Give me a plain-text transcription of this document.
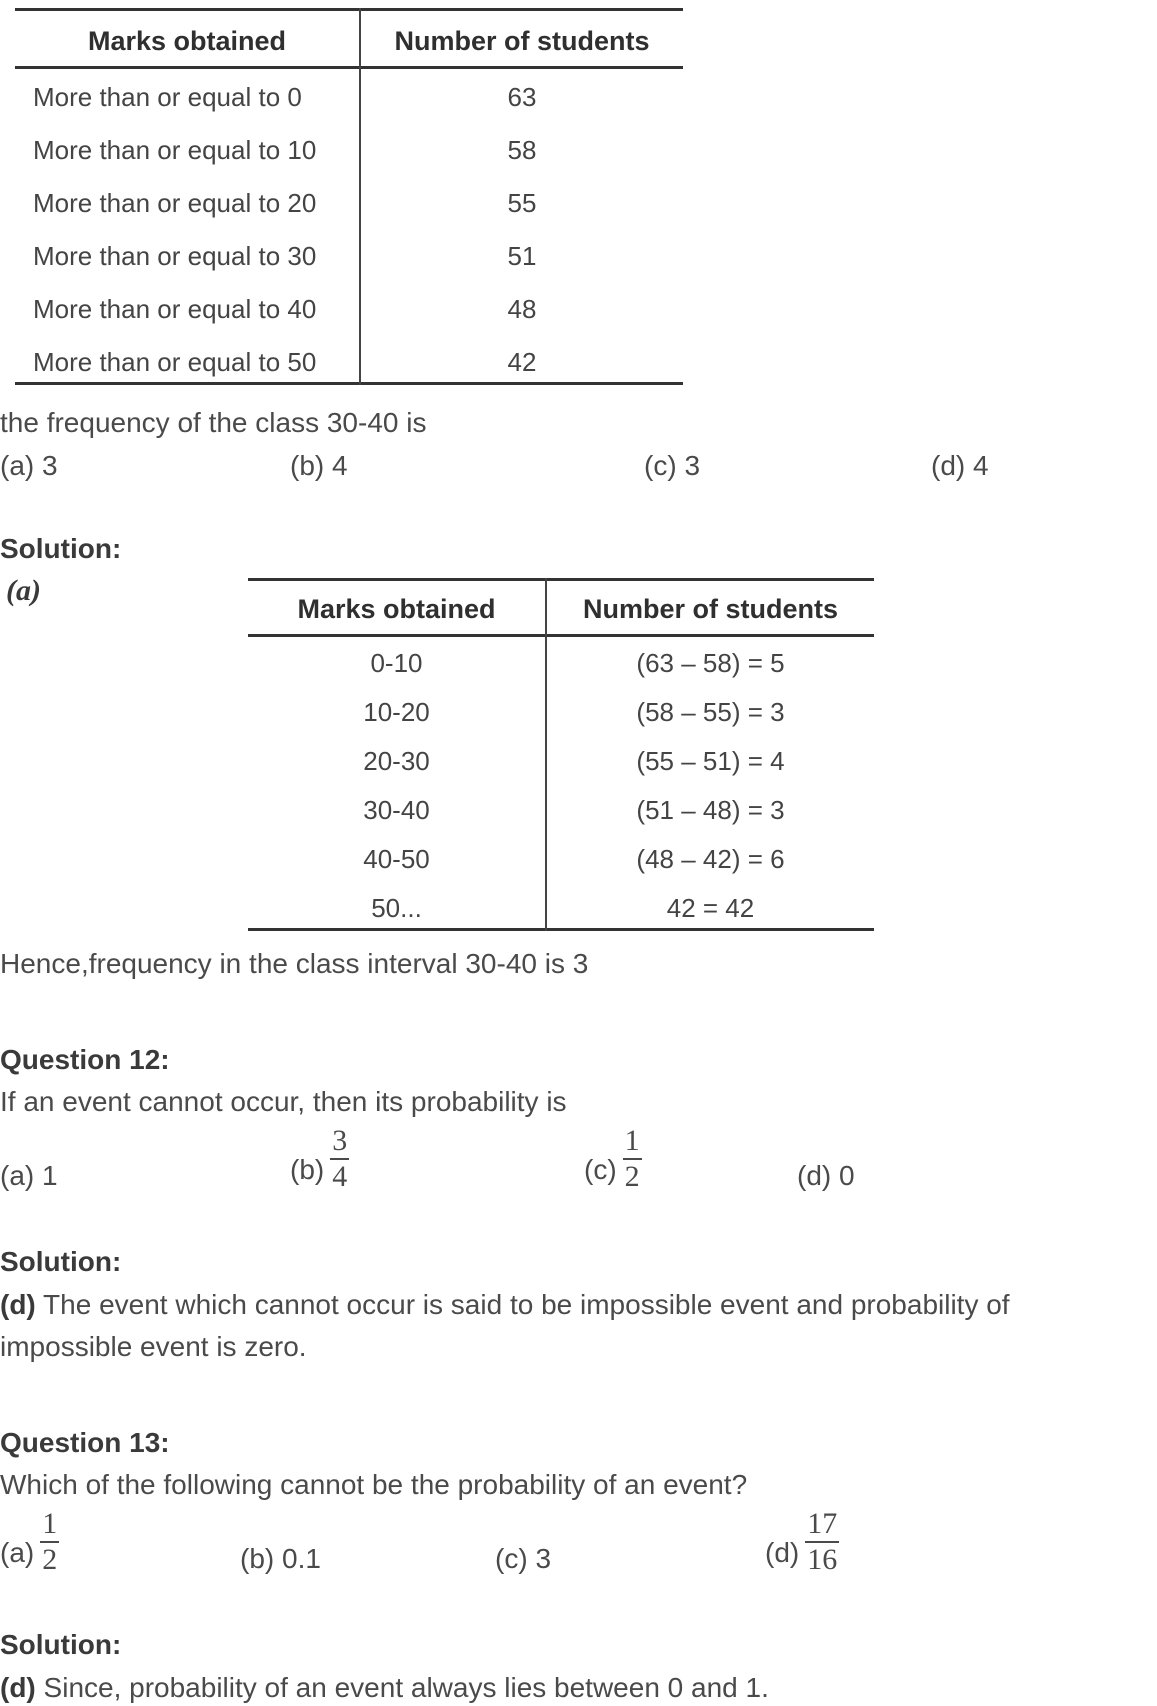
Marks obtained	Number of students
More than or equal to 0	63
More than or equal to 10	58
More than or equal to 20	55
More than or equal to 30	51
More than or equal to 40	48
More than or equal to 50	42
the frequency of the class 30-40 is
(a) 3	(b) 4	(c) 3	(d) 4
Solution:
(a)
Marks obtained	Number of students
0-10	(63 – 58) = 5
10-20	(58 – 55) = 3
20-30	(55 – 51) = 4
30-40	(51 – 48) = 3
40-50	(48 – 42) = 6
50...	42 = 42
Hence,frequency in the class interval 30-40 is 3
Question 12:
If an event cannot occur, then its probability is
(a) 1	$(b) \frac{3}{4}$	$(c) \frac{1}{2}$	(d) 0
Solution:
(d) The event which cannot occur is said to be impossible event and probability of
impossible event is zero.
Question 13:
Which of the following cannot be the probability of an event?
$(a) \frac{1}{2}$	(b) 0.1	(c) 3	$(d) \frac{17}{16}$
Solution:
(d) Since, probability of an event always lies between 0 and 1.
